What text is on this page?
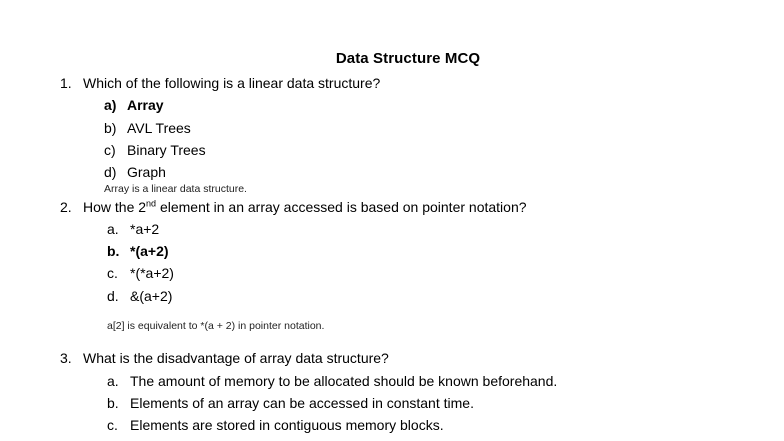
Data Structure MCQ
1. Which of the following is a linear data structure?
a) Array
b) AVL Trees
c) Binary Trees
d) Graph
Array is a linear data structure.
2. How the 2nd element in an array accessed is based on pointer notation?
a. *a+2
b. *(a+2)
c. *(*a+2)
d. &(a+2)
a[2] is equivalent to *(a + 2) in pointer notation.
3. What is the disadvantage of array data structure?
a. The amount of memory to be allocated should be known beforehand.
b. Elements of an array can be accessed in constant time.
c. Elements are stored in contiguous memory blocks.
